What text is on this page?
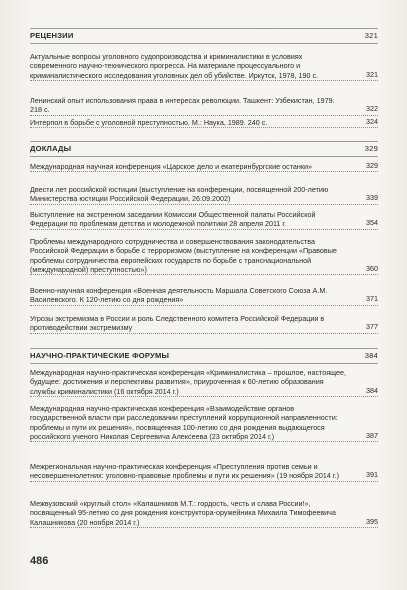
РЕЦЕНЗИИ	321
Актуальные вопросы уголовного судопроизводства и криминалистики в условиях современного научно-технического прогресса. На материале процессуального и криминалистического исследования уголовных дел об убийстве. Иркутск, 1978, 190 с.	321
Ленинский опыт использования права в интересах революции. Ташкент: Узбекистан, 1979. 218 с.	322
Интерпол в борьбе с уголовной преступностью. М.: Наука, 1989. 240 с.	324
ДОКЛАДЫ	329
Международная научная конференция «Царское дело и екатеринбургские останки»	329
Двести лет российской юстиции (выступление на конференции, посвященной 200-летию Министерства юстиции Российской Федерации, 26.09.2002)	339
Выступление на экстренном заседании Комиссии Общественной палаты Российской Федерации по проблемам детства и молодежной политики 28 апреля 2011 г.	354
Проблемы международного сотрудничества и совершенствования законодательства Российской Федерации в борьбе с терроризмом (выступление на конференции «Правовые проблемы сотрудничества европейских государств по борьбе с транснациональной (международной) преступностью»)	360
Военно-научная конференция «Военная деятельность Маршала Советского Союза А.М. Василевского. К 120-летию со дня рождения»	371
Угрозы экстремизма в России и роль Следственного комитета Российской Федерации в противодействии экстремизму	377
НАУЧНО-ПРАКТИЧЕСКИЕ ФОРУМЫ	384
Международная научно-практическая конференция «Криминалистика – прошлое, настоящее, будущее: достижения и перспективы развития», приуроченная к 60-летию образования службы криминалистики (16 октября 2014 г.)	384
Международная научно-практическая конференция «Взаимодействие органов государственной власти при расследовании преступлений коррупционной направленности: проблемы и пути их решения», посвященная 100-летию со дня рождения выдающегося российского ученого Николая Сергеевича Алексеева (23 октября 2014 г.)	387
Межрегиональная научно-практическая конференция «Преступления против семьи и несовершеннолетних: уголовно-правовые проблемы и пути их решения» (19 ноября 2014 г.)	391
Межвузовский «круглый стол» «Калашников М.Т.: гордость, честь и слава России!», посвященный 95-летию со дня рождения конструктора-оружейника Михаила Тимофеевича Калашникова (20 ноября 2014 г.)	395
486
